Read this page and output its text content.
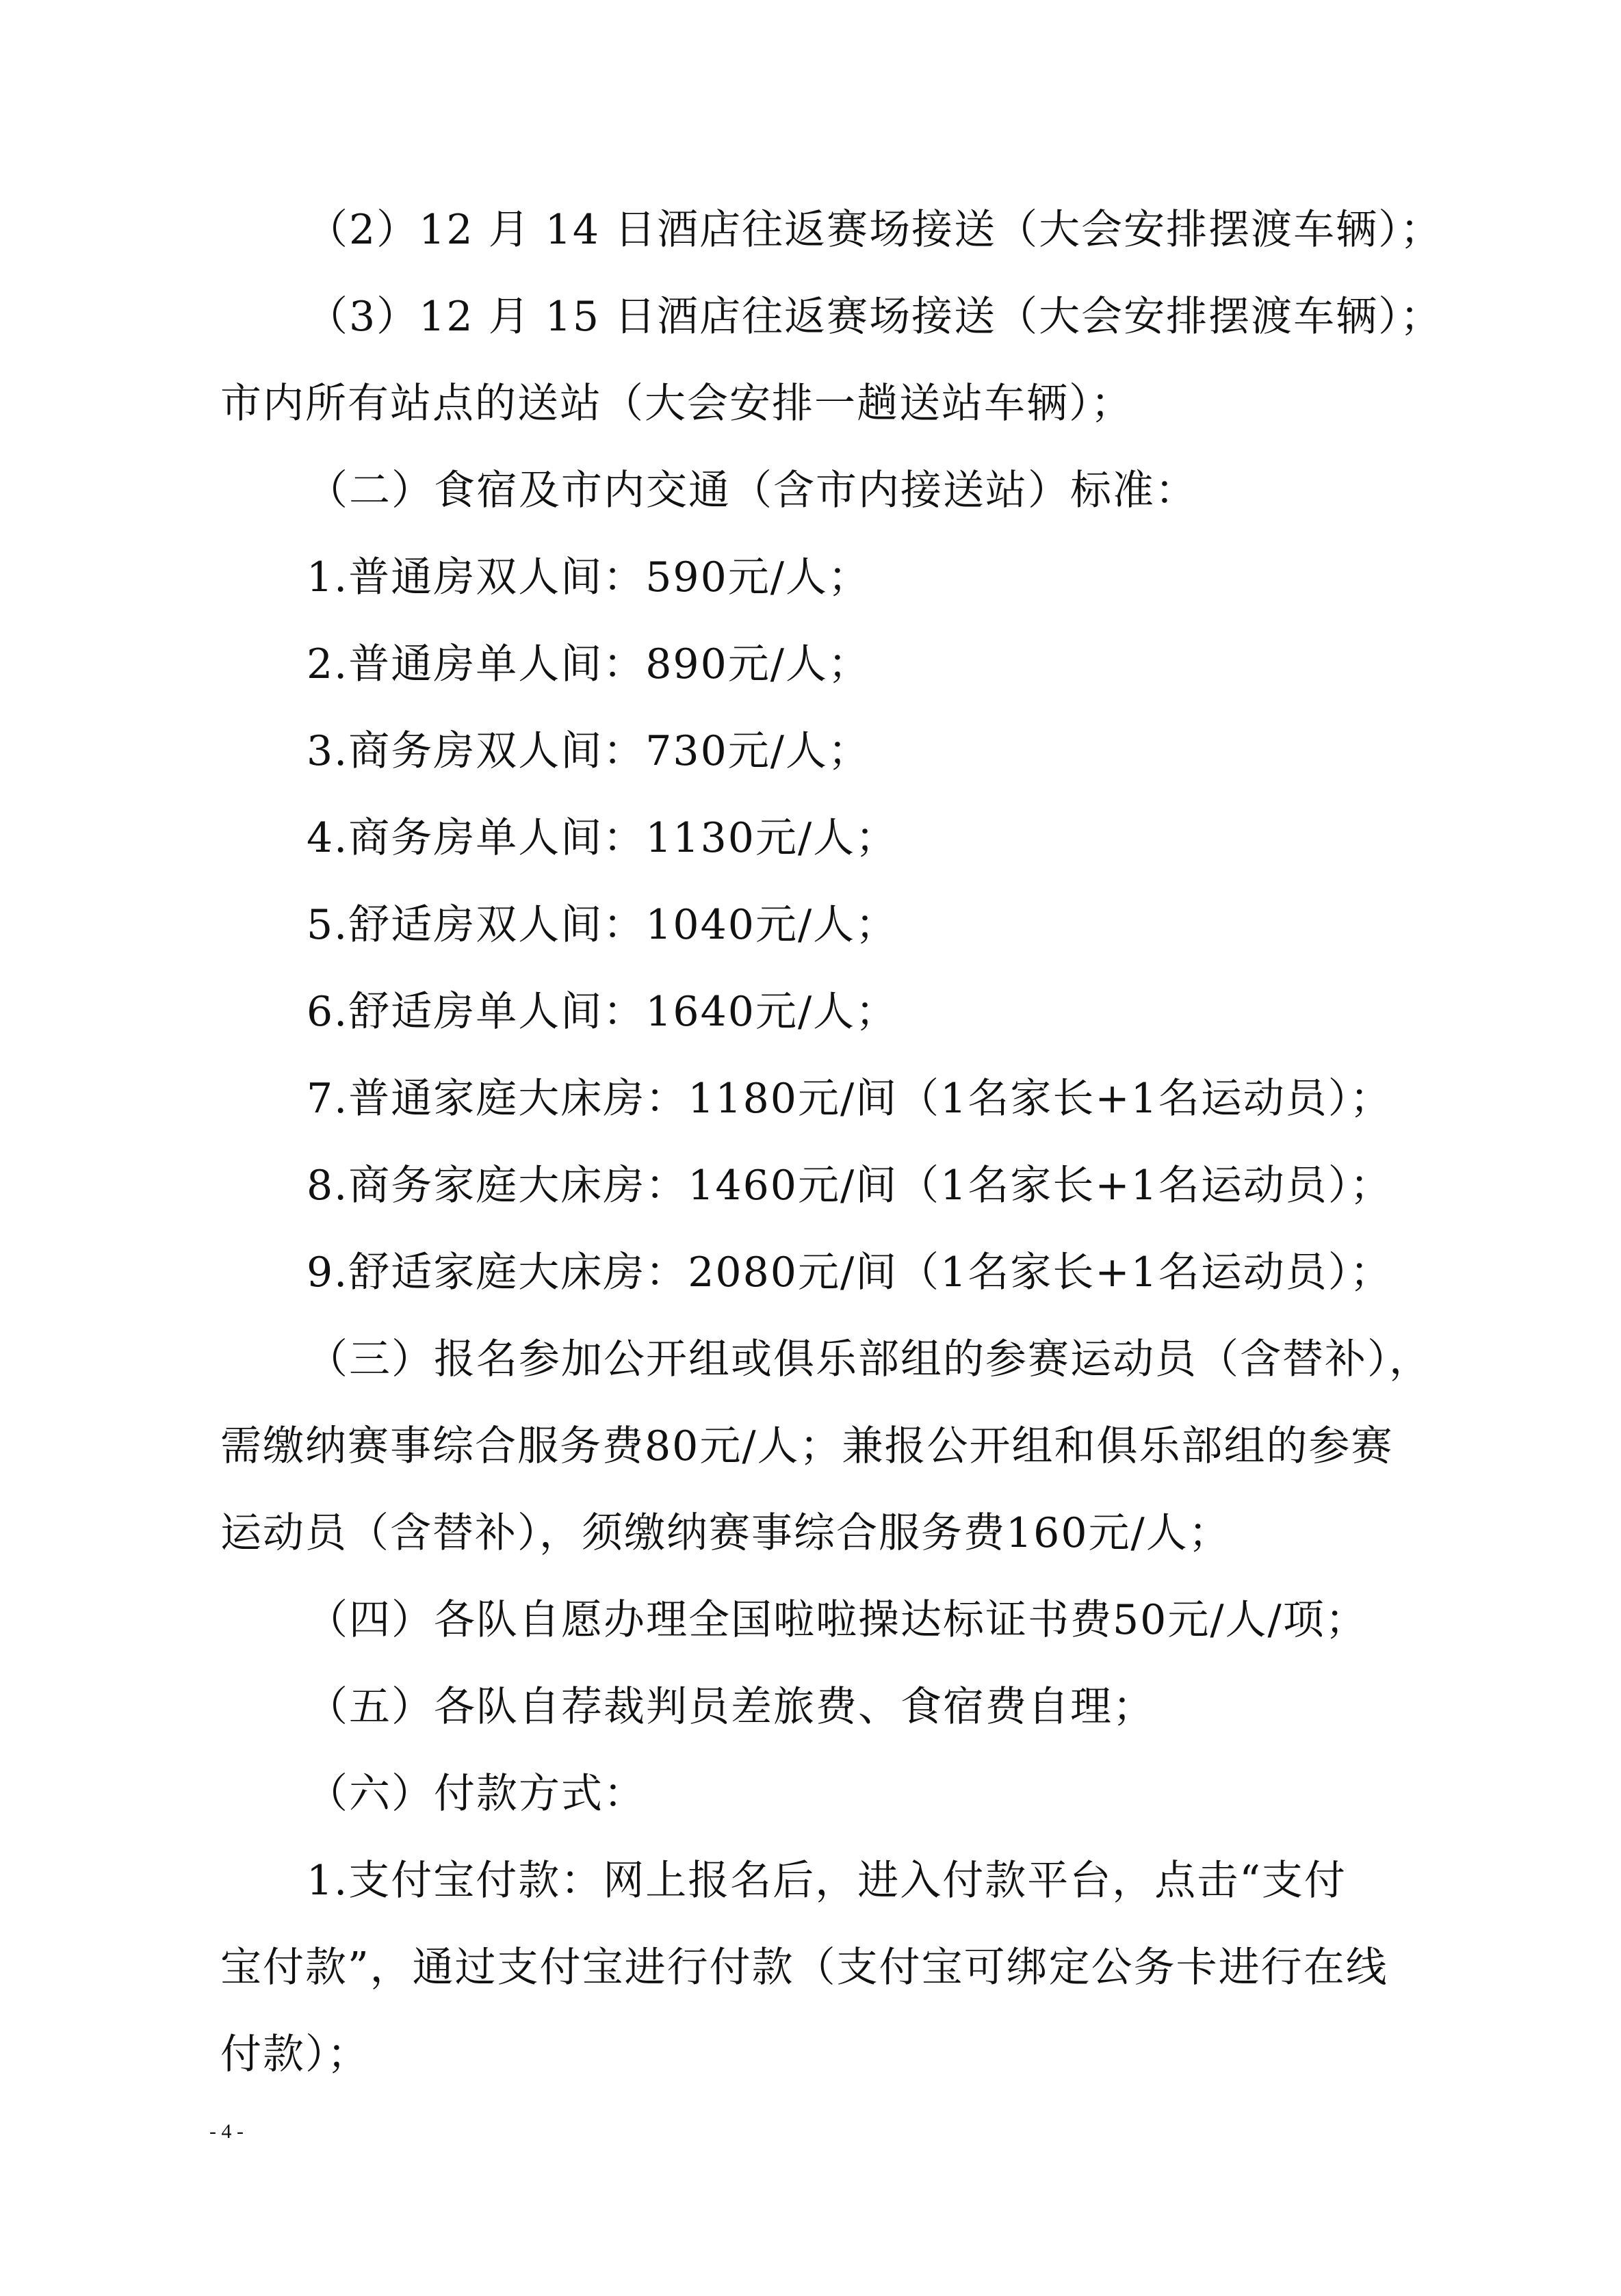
（2）12 月 14 日酒店往返赛场接送（大会安排摆渡车辆）；
（3）12 月 15 日酒店往返赛场接送（大会安排摆渡车辆）；
市内所有站点的送站（大会安排一趟送站车辆）；
（二）食宿及市内交通（含市内接送站）标准：
1.普通房双人间：590元/人；
2.普通房单人间：890元/人；
3.商务房双人间：730元/人；
4.商务房单人间：1130元/人；
5.舒适房双人间：1040元/人；
6.舒适房单人间：1640元/人；
7.普通家庭大床房：1180元/间（1名家长+1名运动员）；
8.商务家庭大床房：1460元/间（1名家长+1名运动员）；
9.舒适家庭大床房：2080元/间（1名家长+1名运动员）；
（三）报名参加公开组或俱乐部组的参赛运动员（含替补），
需缴纳赛事综合服务费80元/人；兼报公开组和俱乐部组的参赛
运动员（含替补），须缴纳赛事综合服务费160元/人；
（四）各队自愿办理全国啦啦操达标证书费50元/人/项；
（五）各队自荐裁判员差旅费、食宿费自理；
（六）付款方式：
1.支付宝付款：网上报名后，进入付款平台，点击“支付
宝付款”，通过支付宝进行付款（支付宝可绑定公务卡进行在线
付款）；
- 4 -
